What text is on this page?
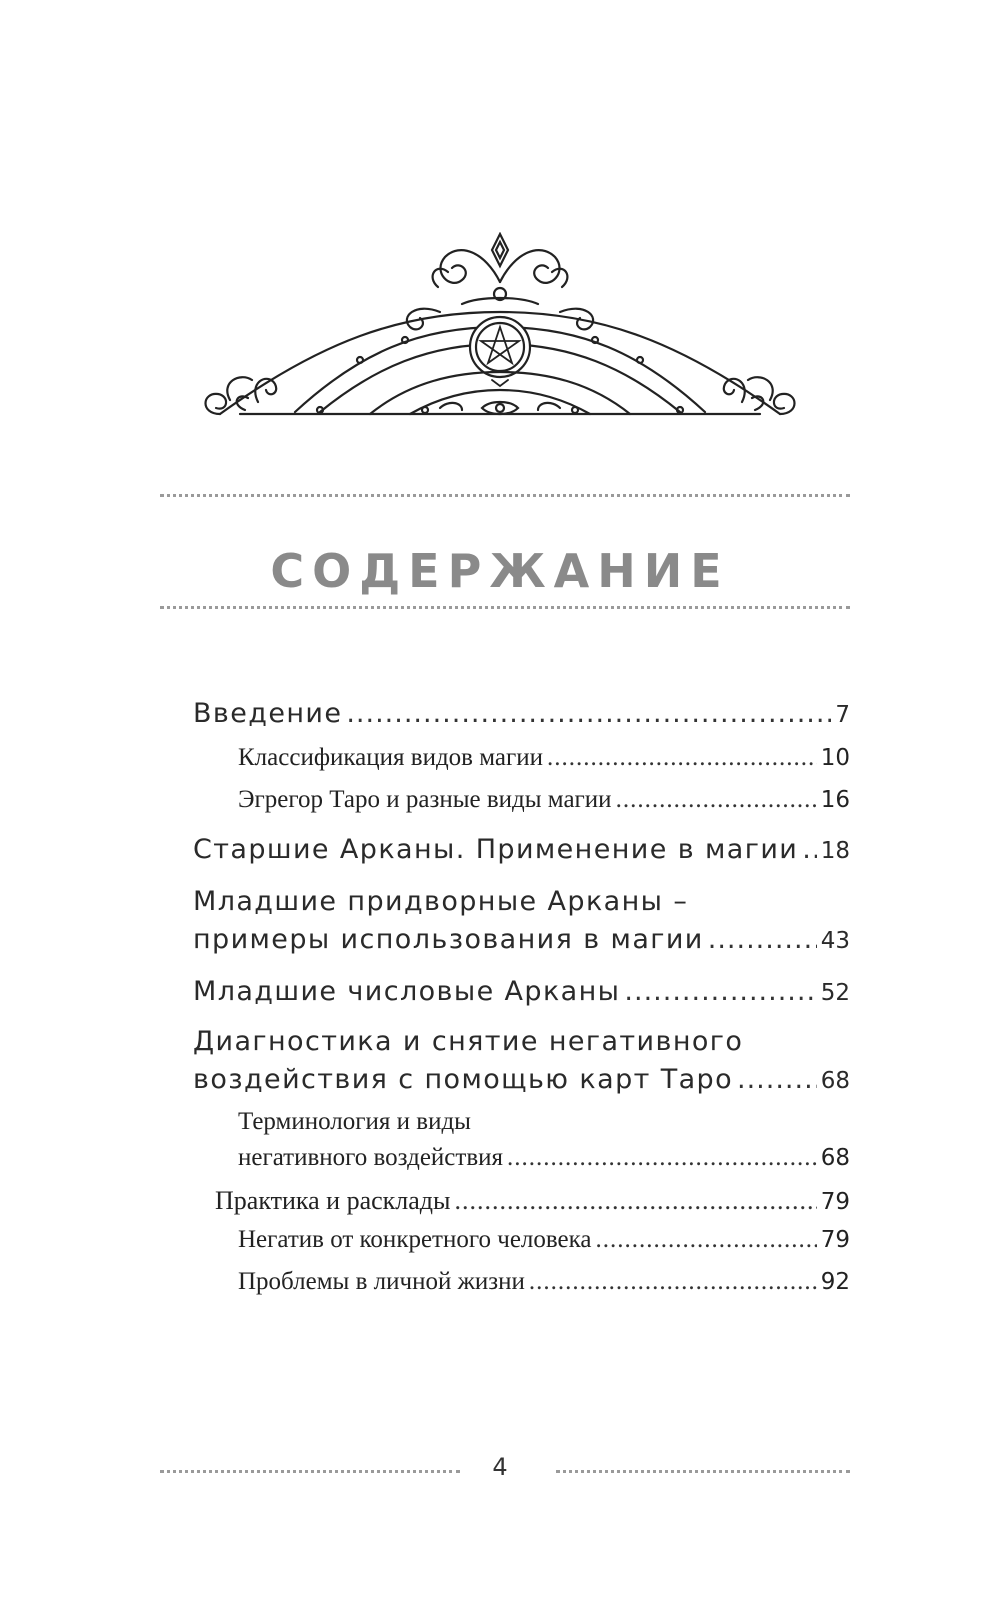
СОДЕРЖАНИЕ
Введение .....	7
Классификация видов магии .....	10
Эгрегор Таро и разные виды магии .....	16
Старшие Арканы. Применение в магии ..... 18
Младшие придворные Арканы –
примеры использования в магии .....	43
Младшие числовые Арканы .....	52
Диагностика и снятие негативного
воздействия с помощью карт Таро .....	68
Терминология и виды
негативного воздействия .....	68
Практика и расклады .....	79
Негатив от конкретного человека .....	79
Проблемы в личной жизни .....	92
4
